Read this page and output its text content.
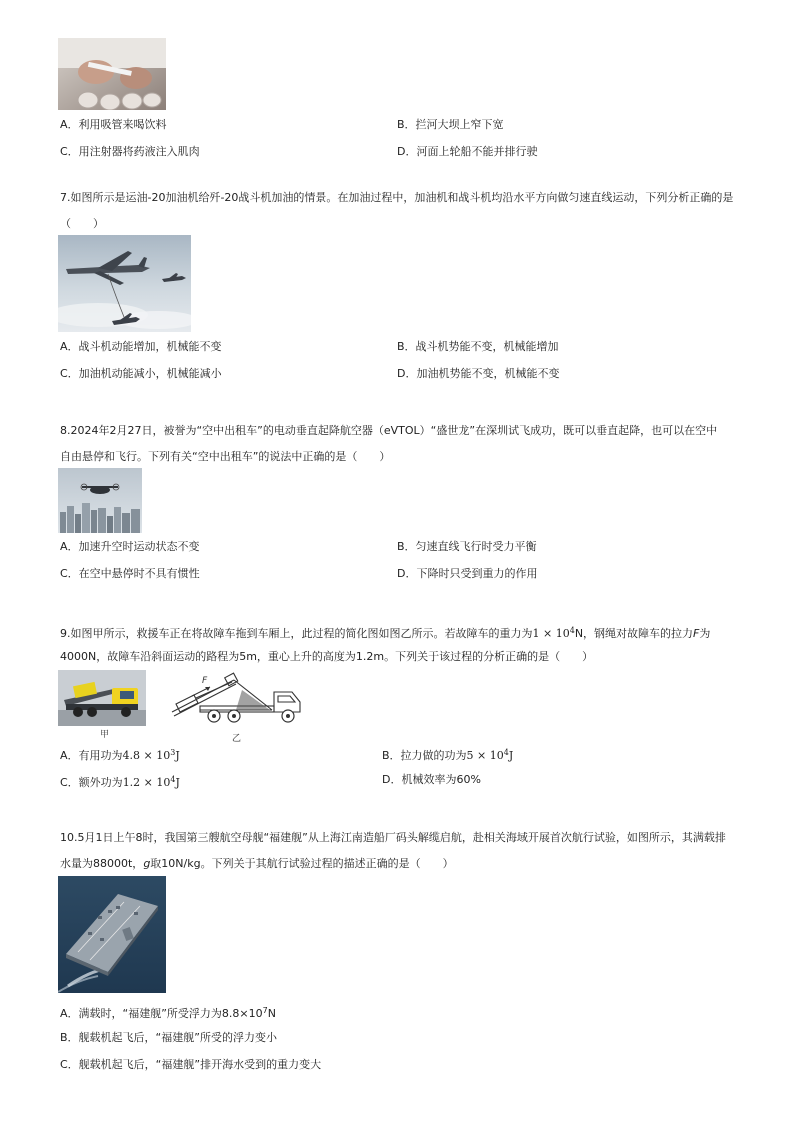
A．利用吸管来喝饮料	B．拦河大坝上窄下宽
C．用注射器将药液注入肌肉	D．河面上轮船不能并排行驶
7.如图所示是运油-20加油机给歼-20战斗机加油的情景。在加油过程中，加油机和战斗机均沿水平方向做匀速直线运动，下列分析正确的是
（　　）
A．战斗机动能增加，机械能不变	B．战斗机势能不变，机械能增加
C．加油机动能减小，机械能减小	D．加油机势能不变，机械能不变
8.2024年2月27日，被誉为“空中出租车”的电动垂直起降航空器（eVTOL）“盛世龙”在深圳试飞成功，既可以垂直起降，也可以在空中
自由悬停和飞行。下列有关“空中出租车”的说法中正确的是（　　）
A．加速升空时运动状态不变	B．匀速直线飞行时受力平衡
C．在空中悬停时不具有惯性	D．下降时只受到重力的作用
9.如图甲所示，救援车正在将故障车拖到车厢上，此过程的简化图如图乙所示。若故障车的重力为$1 \times 10^4N$，钢绳对故障车的拉力F为
4000N，故障车沿斜面运动的路程为5m，重心上升的高度为1.2m。下列关于该过程的分析正确的是（　　）
甲
F
乙
A．有用功为$4.8 \times 10^3J$	B．拉力做的功为$5 \times 10^4J$
C．额外功为$1.2 \times 10^4J$	D．机械效率为60%
10.5月1日上午8时，我国第三艘航空母舰“福建舰”从上海江南造船厂码头解缆启航，赴相关海域开展首次航行试验，如图所示，其满载排
水量为88000t，g取10N/kg。下列关于其航行试验过程的描述正确的是（　　）
A．满载时，“福建舰”所受浮力为$8.8\times 10^7N$
B．舰载机起飞后，“福建舰”所受的浮力变小
C．舰载机起飞后，“福建舰”排开海水受到的重力变大
